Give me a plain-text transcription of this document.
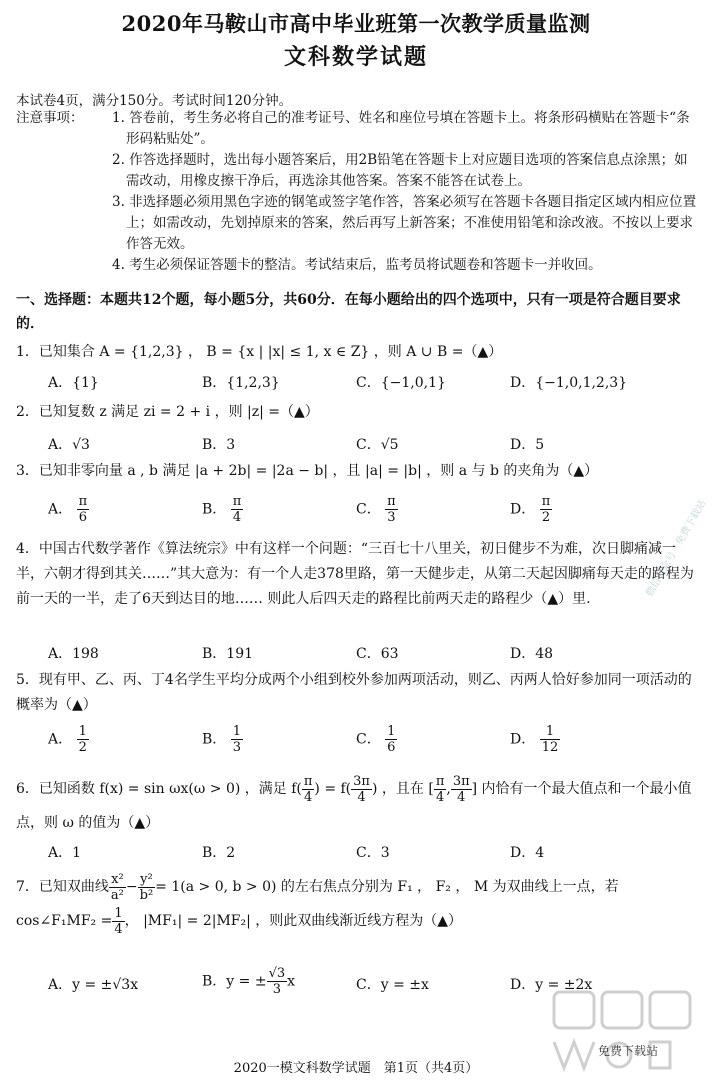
2020年马鞍山市高中毕业班第一次教学质量监测
文科数学试题
本试卷4页，满分150分。考试时间120分钟。
注意事项：	1. 答卷前，考生务必将自己的准考证号、姓名和座位号填在答题卡上。将条形码横贴在答题卡“条形码粘贴处”。
2. 作答选择题时，选出每小题答案后，用2B铅笔在答题卡上对应题目选项的答案信息点涂黑；如需改动，用橡皮擦干净后，再选涂其他答案。答案不能答在试卷上。
3. 非选择题必须用黑色字迹的钢笔或签字笔作答，答案必须写在答题卡各题目指定区域内相应位置上；如需改动，先划掉原来的答案，然后再写上新答案；不准使用铅笔和涂改液。不按以上要求作答无效。
4. 考生必须保证答题卡的整洁。考试结束后，监考员将试题卷和答题卡一并收回。
一、选择题：本题共12个题，每小题5分，共60分．在每小题给出的四个选项中，只有一项是符合题目要求的．
1．已知集合 A = {1,2,3} ， B = {x | |x| ≤ 1, x ∈ Z} ，则 A ∪ B =（▲）
A．{1}	B．{1,2,3}	C．{−1,0,1}	D．{−1,0,1,2,3}
2．已知复数 z 满足 zi = 2 + i ，则 |z| =（▲）
A．√3	B．3	C．√5	D．5
3．已知非零向量 a , b 满足 |a + 2b| = |2a − b| ，且 |a| = |b| ，则 a 与 b 的夹角为（▲）
A． $\frac{\pi}{6}$	B． $\frac{\pi}{4}$	C． $\frac{\pi}{3}$	D． $\frac{\pi}{2}$
4．中国古代数学著作《算法统宗》中有这样一个问题：“三百七十八里关，初日健步不为难，次日脚痛减一半，六朝才得到其关……”其大意为：有一个人走378里路，第一天健步走，从第二天起因脚痛每天走的路程为前一天的一半，走了6天到达目的地…… 则此人后四天走的路程比前两天走的路程少（▲）里.
A．198	B．191	C．63	D．48
5．现有甲、乙、丙、丁4名学生平均分成两个小组到校外参加两项活动，则乙、丙两人恰好参加同一项活动的概率为（▲）
A． $\frac{1}{2}$	B． $\frac{1}{3}$	C． $\frac{1}{6}$	D． $\frac{1}{12}$
6．已知函数 f(x) = sin ωx(ω > 0) ，满足 $f( \frac{\pi}{4}$ ) = $f( \frac{3\pi}{4}$ ) ，且在 [ $\frac{\pi}{4}$ , $\frac{3\pi}{4}$ ] 内恰有一个最大值点和一个最小值点，则 ω 的值为（▲）
A．1	B．2	C．3	D．4
7．已知双曲线 $\frac{\text{x²}}{\text{a²}} - \frac{\text{y²}}{\text{b²}} = 1(a > 0$, b > 0) 的左右焦点分别为 F₁ ， F₂ ， M 为双曲线上一点，若
cos∠F₁MF₂ = $\frac{1}{4}$ ， |MF₁| = 2|MF₂| ，则此双曲线渐近线方程为（▲）
A．y = ±√3x	B．y = ± $\frac{√3}{3}$ x	C．y = ±x	D．y = ±2x
微信公众号 · 免费下载站
免费下载站
2020一模文科数学试题　第1页（共4页）
